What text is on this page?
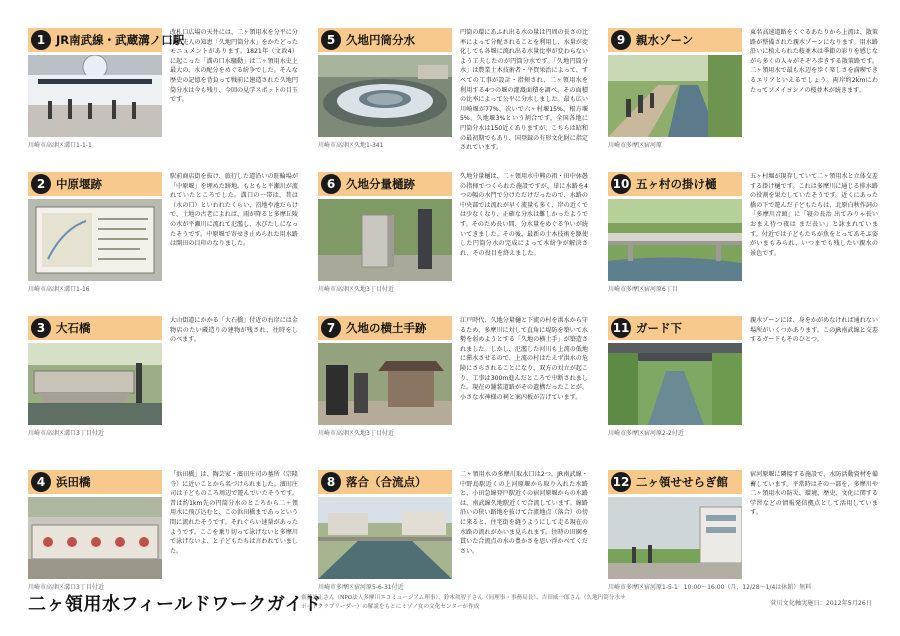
1 JR南武線・武蔵溝ノ口駅
川崎市高津区溝口1-1-1
改札口広場の天井には、二ヶ領用水を分平に分けた先人の知恵「久地円筒分水」をかたどったモニュメントがあります。1821年（文政4）に起こった「溝の口水騒動」は二ヶ領用水史上最大の、水の配分をめぐる紛争でした。そんな歴史の記憶を背負って戦前に建造された久地円筒分水は今も残り、今回の見学スポットの目玉です。
5 久地円筒分水
川崎市高津区久地1-341
円筒の環にあふれ出る水の量は円周の長さの比率によって分配されることを利用し、水量が変化しても各堰に流れ出る水量比率が変わらないよう工夫したのが円筒分水です。「久地円筒分水」は農業土木技術者・平賀栄治によって、すべての工事が設計・指揮され、二ヶ領用水を利用する4つの堰の灌漑面積を調べ、その面積の比率によって公平に分水しました。最も広い川崎堰が77%、次いで六ヶ村堰15%、根方堰5%、久地堰3%という割合です。全国各地に円筒分水は150近くありますが、こちらは昭和の最初期でもあり、国登録の有形文化財に指定されています。
9 親水ゾーン
川崎市多摩区宿河原
東名高速道路をくぐるあたりから上流は、散策路が整備された親水ゾーンになります。用水路沿いに植えられた桜並木は季節の彩りを感じながら多くの人々がそぞろ歩きする散策路です。二ヶ領用水で最も水辺を歩く楽しさを満喫できるエリアといえるでしょう。両岸約2kmにわたってソメイヨシノの桜並木が続きます。
2 中原堰跡
川崎市高津区溝口1-16
駅前商店街を抜け、旅行した道沿いの駐輪場が「中原堰」を埋めた跡地。もともと平瀬川が流れていたところでした。溝口の一帯は、昔は（水の口）といわれたくらい、沼地や池だらけで、土地の古老によれば、雨が降ると多摩丘陵の水が平瀬川に流れて氾濫し、水びたしになったそうです。中原堰で寄せき止められた用水路は開田の目印のなりました。
6 久地分量樋跡
川崎市高津区久地3丁目付近
久地分量樋は、二ヶ領用水中興の祖・田中休愚の指揮でつくられた施設ですが、単に水路を4つの幅の水門で分けただけだったので、水路の中央部では流れが早く流量も多く、岸の近くでは少なくなり、正確な分水は難しかったようです。そのため長い間、分水量をめぐる争いが続いてきました。その後、最新の土木技術を駆使した円筒分水の完成によって水紛争が解決され、その役目を終えました。
10 五ヶ村の掛け樋
川崎市多摩区宿河原6丁目
五ヶ村堀が現存していて二ヶ領用水と立体交差する掛け樋です。これは多摩川に通じる排水路の役割を果たしていたそうです。近くにあった橋の下で遊んだ子どもたちは、北原白秋作詞の「多摩川音頭」に「寝の長治 出てみりゃ長い おまえ待つ夜は まだ長い」と詠まれています。付近では子どもたちが魚をとってあそぶ姿がいまもみられ、いつまでも残したい親水の景色です。
3 大石橋
川崎市高津区溝口3丁目付近
大山街道にかかる「大石橋」付近の右岸には金物店のたい蔵造りの建物が残され、往時をしのべます。
7 久地の横土手跡
川崎市高津区久地3丁目付近
江戸時代、久地分量樋と下流の村を洪水から守るため、多摩川に対して直角に堤防を築いて水勢を弱めようとする「久地の横土手」が築造されました。しかし、氾濫した河川も上流の低地に滞水させるので、上流の村はたえず洪水の危険にさらされることになり、双方の対立が起こり、工事は300m進んだところで中断されました。現在の舗装道路がその遺構だったことが、小さな水神様の祠と案内板が告げています。
11 ガード下
川崎市多摩区宿河原2-2付近
親水ゾーンには、身をかがめなければ通れない場所がいくつかあります。このJR南武線と交差するガードもそのひとつ。
4 浜田橋
川崎市高津区溝口3丁目付近
「浜田橋」は、陶芸家・濱田庄司の墓所（宗隆寺）に近いことから名づけられました。濱田庄司は子どものころ周辺で遊んでいたそうです。昔は約1km先の円筒分水のところから二ヶ領用水に飛び込むと、この浜田橋まであっという間に流れたそうです。それぐらい速量があったようです。ここを乗り切って泳げないと多摩川で泳げないよ、と子どもたちは言われていました。
8 落合（合流点）
川崎市多摩区宿河原5-6-31付近
二ヶ領用水の多摩川取水口は2つ。JR南武線・中野島駅近くの上河原堰から取り入れた水路と、小田急線登戸駅近くの宿河原堰からの水路は、南武線久地駅近くで合流しています。線路沿いの狭い路地を抜けて合流地点（落合）の傍に来ると、住宅街を縫うようにして走る現在の水路の流れがかいま見られます。往時の田園を貫いた合流点の水の豊かさを思い浮かべてください。
12 二ヶ領せせらぎ館
川崎市多摩区宿河原1-5-1　10:00〜16:00（月、12/28〜1/4は休館）無料
宿河原堰に隣接する施設で、水防活動資材を備蓄しています。平常時はその一部を、多摩川や二ヶ領用水の防災、環境、歴史、文化に関する学習などの情報発信拠点として活用しています。
二ヶ領用水フィールドワークガイド
齋藤光正さん（NPO法人多摩川エコミュージアム理事）、鈴木眞智子さん（同理事・事務局長）、吉田威一郎さん（久地円筒分水サポートクラブリーダー）の解説をもとにミゾノ女の文化センターが作成	菅川文化軸実施日：2012年5月26日
